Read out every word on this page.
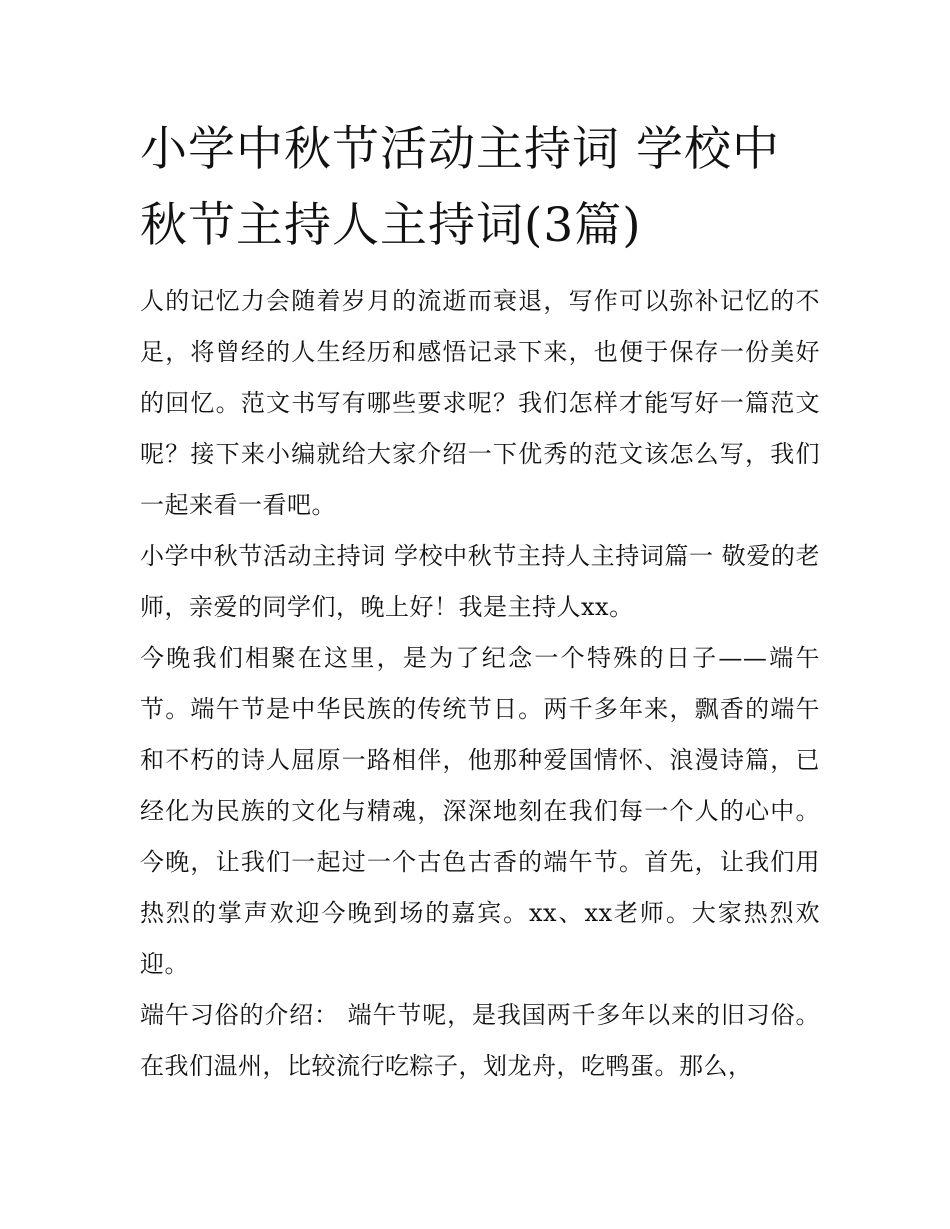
小学中秋节活动主持词 学校中秋节主持人主持词(3篇)

人的记忆力会随着岁月的流逝而衰退，写作可以弥补记忆的不足，将曾经的人生经历和感悟记录下来，也便于保存一份美好的回忆。范文书写有哪些要求呢？我们怎样才能写好一篇范文呢？接下来小编就给大家介绍一下优秀的范文该怎么写，我们一起来看一看吧。

小学中秋节活动主持词 学校中秋节主持人主持词篇一 敬爱的老师，亲爱的同学们，晚上好！我是主持人xx。

今晚我们相聚在这里，是为了纪念一个特殊的日子——端午节。端午节是中华民族的传统节日。两千多年来，飘香的端午和不朽的诗人屈原一路相伴，他那种爱国情怀、浪漫诗篇，已经化为民族的文化与精魂，深深地刻在我们每一个人的心中。今晚，让我们一起过一个古色古香的端午节。首先，让我们用热烈的掌声欢迎今晚到场的嘉宾。xx、xx老师。大家热烈欢迎。

端午习俗的介绍： 端午节呢，是我国两千多年以来的旧习俗。在我们温州，比较流行吃粽子，划龙舟，吃鸭蛋。那么，
